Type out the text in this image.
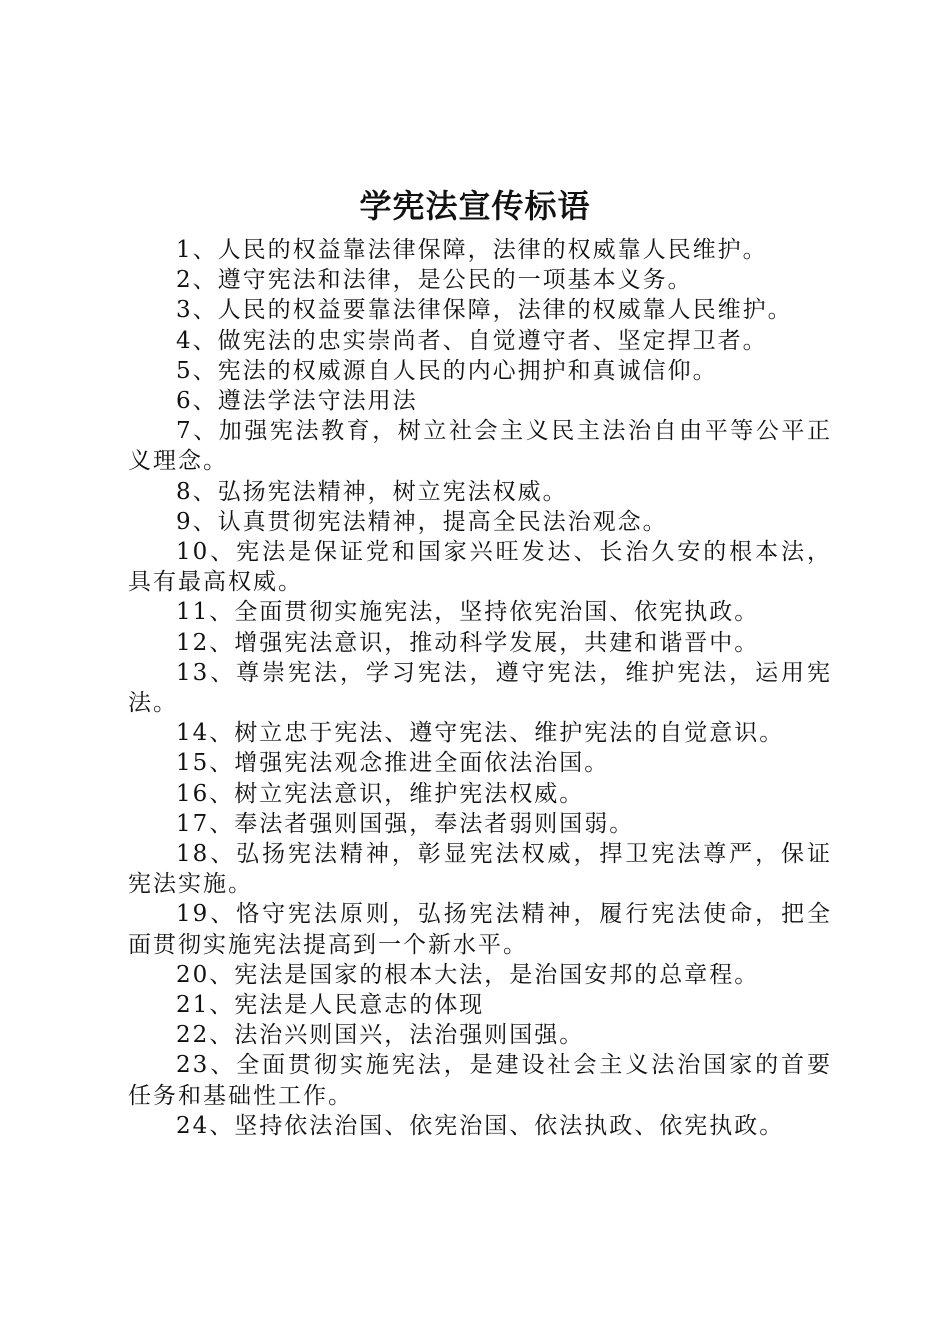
学宪法宣传标语

1、人民的权益靠法律保障，法律的权威靠人民维护。

2、遵守宪法和法律，是公民的一项基本义务。

3、人民的权益要靠法律保障，法律的权威靠人民维护。

4、做宪法的忠实崇尚者、自觉遵守者、坚定捍卫者。

5、宪法的权威源自人民的内心拥护和真诚信仰。

6、遵法学法守法用法

7、加强宪法教育，树立社会主义民主法治自由平等公平正义理念。

8、弘扬宪法精神，树立宪法权威。

9、认真贯彻宪法精神，提高全民法治观念。

10、宪法是保证党和国家兴旺发达、长治久安的根本法，具有最高权威。

11、全面贯彻实施宪法，坚持依宪治国、依宪执政。

12、增强宪法意识，推动科学发展，共建和谐晋中。

13、尊崇宪法，学习宪法，遵守宪法，维护宪法，运用宪法。

14、树立忠于宪法、遵守宪法、维护宪法的自觉意识。

15、增强宪法观念推进全面依法治国。

16、树立宪法意识，维护宪法权威。

17、奉法者强则国强，奉法者弱则国弱。

18、弘扬宪法精神，彰显宪法权威，捍卫宪法尊严，保证宪法实施。

19、恪守宪法原则，弘扬宪法精神，履行宪法使命，把全面贯彻实施宪法提高到一个新水平。

20、宪法是国家的根本大法，是治国安邦的总章程。

21、宪法是人民意志的体现

22、法治兴则国兴，法治强则国强。

23、全面贯彻实施宪法，是建设社会主义法治国家的首要任务和基础性工作。

24、坚持依法治国、依宪治国、依法执政、依宪执政。
